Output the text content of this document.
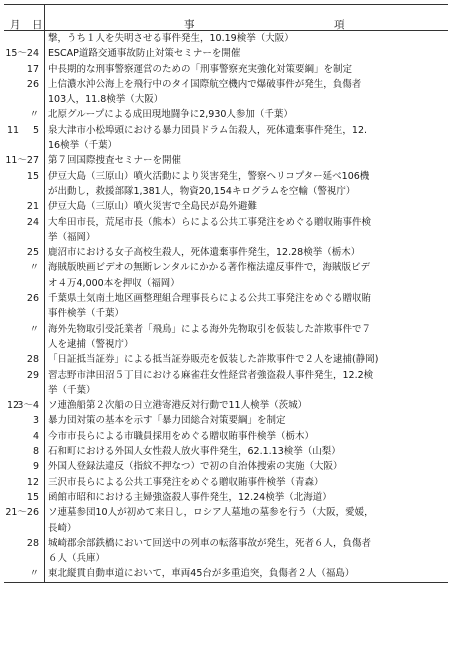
月 日	事 項

	撃，うち１人を失明させる事件発生，10.19検挙（大阪）

15～24	ESCAP道路交通事故防止対策セミナーを開催

17	中長期的な刑事警察運営のための「刑事警察充実強化対策要綱」を制定

26	上信濃水沖公海上を飛行中のタイ国際航空機内で爆破事件が発生，負傷者
103人，11.8検挙（大阪）

〃	北原グループによる成田現地闘争に2,930人参加（千葉）

11 5	泉大津市小松埠頭における暴力団員ドラム缶殺人，死体遺棄事件発生，12.
16検挙（千葉）

11～27	第７回国際捜査セミナーを開催

15	伊豆大島（三原山）噴火活動により災害発生，警察ヘリコプター延べ106機
が出動し，救援部隊1,381人，物資20,154キログラムを空輸（警視庁）

21	伊豆大島（三原山）噴火災害で全島民が島外避難

24	大牟田市長，荒尾市長（熊本）らによる公共工事発注をめぐる贈収賄事件検
挙（福岡）

25	鹿沼市における女子高校生殺人，死体遺棄事件発生，12.28検挙（栃木）

〃	海賊版映画ビデオの無断レンタルにかかる著作権法違反事件で，海賊版ビデ
オ４万4,000本を押収（福岡）

26	千葉県土気南土地区画整理組合理事長らによる公共工事発注をめぐる贈収賄
事件検挙（千葉）

〃	海外先物取引受託業者「飛鳥」による海外先物取引を仮装した詐欺事件で７
人を逮捕（警視庁）

28	「日証抵当証券」による抵当証券販売を仮装した詐欺事件で２人を逮捕(静岡)

29	習志野市津田沼５丁目における麻雀荘女性経営者強盗殺人事件発生，12.2検
挙（千葉）

12
3～4	ソ連漁船第２次船の日立港寄港反対行動で11人検挙（茨城）

3	暴力団対策の基本を示す「暴力団総合対策要綱」を制定

4	今市市長らによる市職員採用をめぐる贈収賄事件検挙（栃木）

8	石和町における外国人女性殺人放火事件発生，62.1.13検挙（山梨）

9	外国人登録法違反（指紋不押なつ）で初の自治体捜索の実施（大阪）

12	三沢市長らによる公共工事発注をめぐる贈収賄事件検挙（青森）

15	函館市昭和における主婦強盗殺人事件発生，12.24検挙（北海道）

21～26	ソ連墓参団10人が初めて来日し，ロシア人墓地の墓参を行う（大阪，愛媛，
長崎）

28	城崎郡余部鉄橋において回送中の列車の転落事故が発生，死者６人，負傷者
６人（兵庫）

〃	東北縦貫自動車道において，車両45台が多重追突，負傷者２人（福島）
